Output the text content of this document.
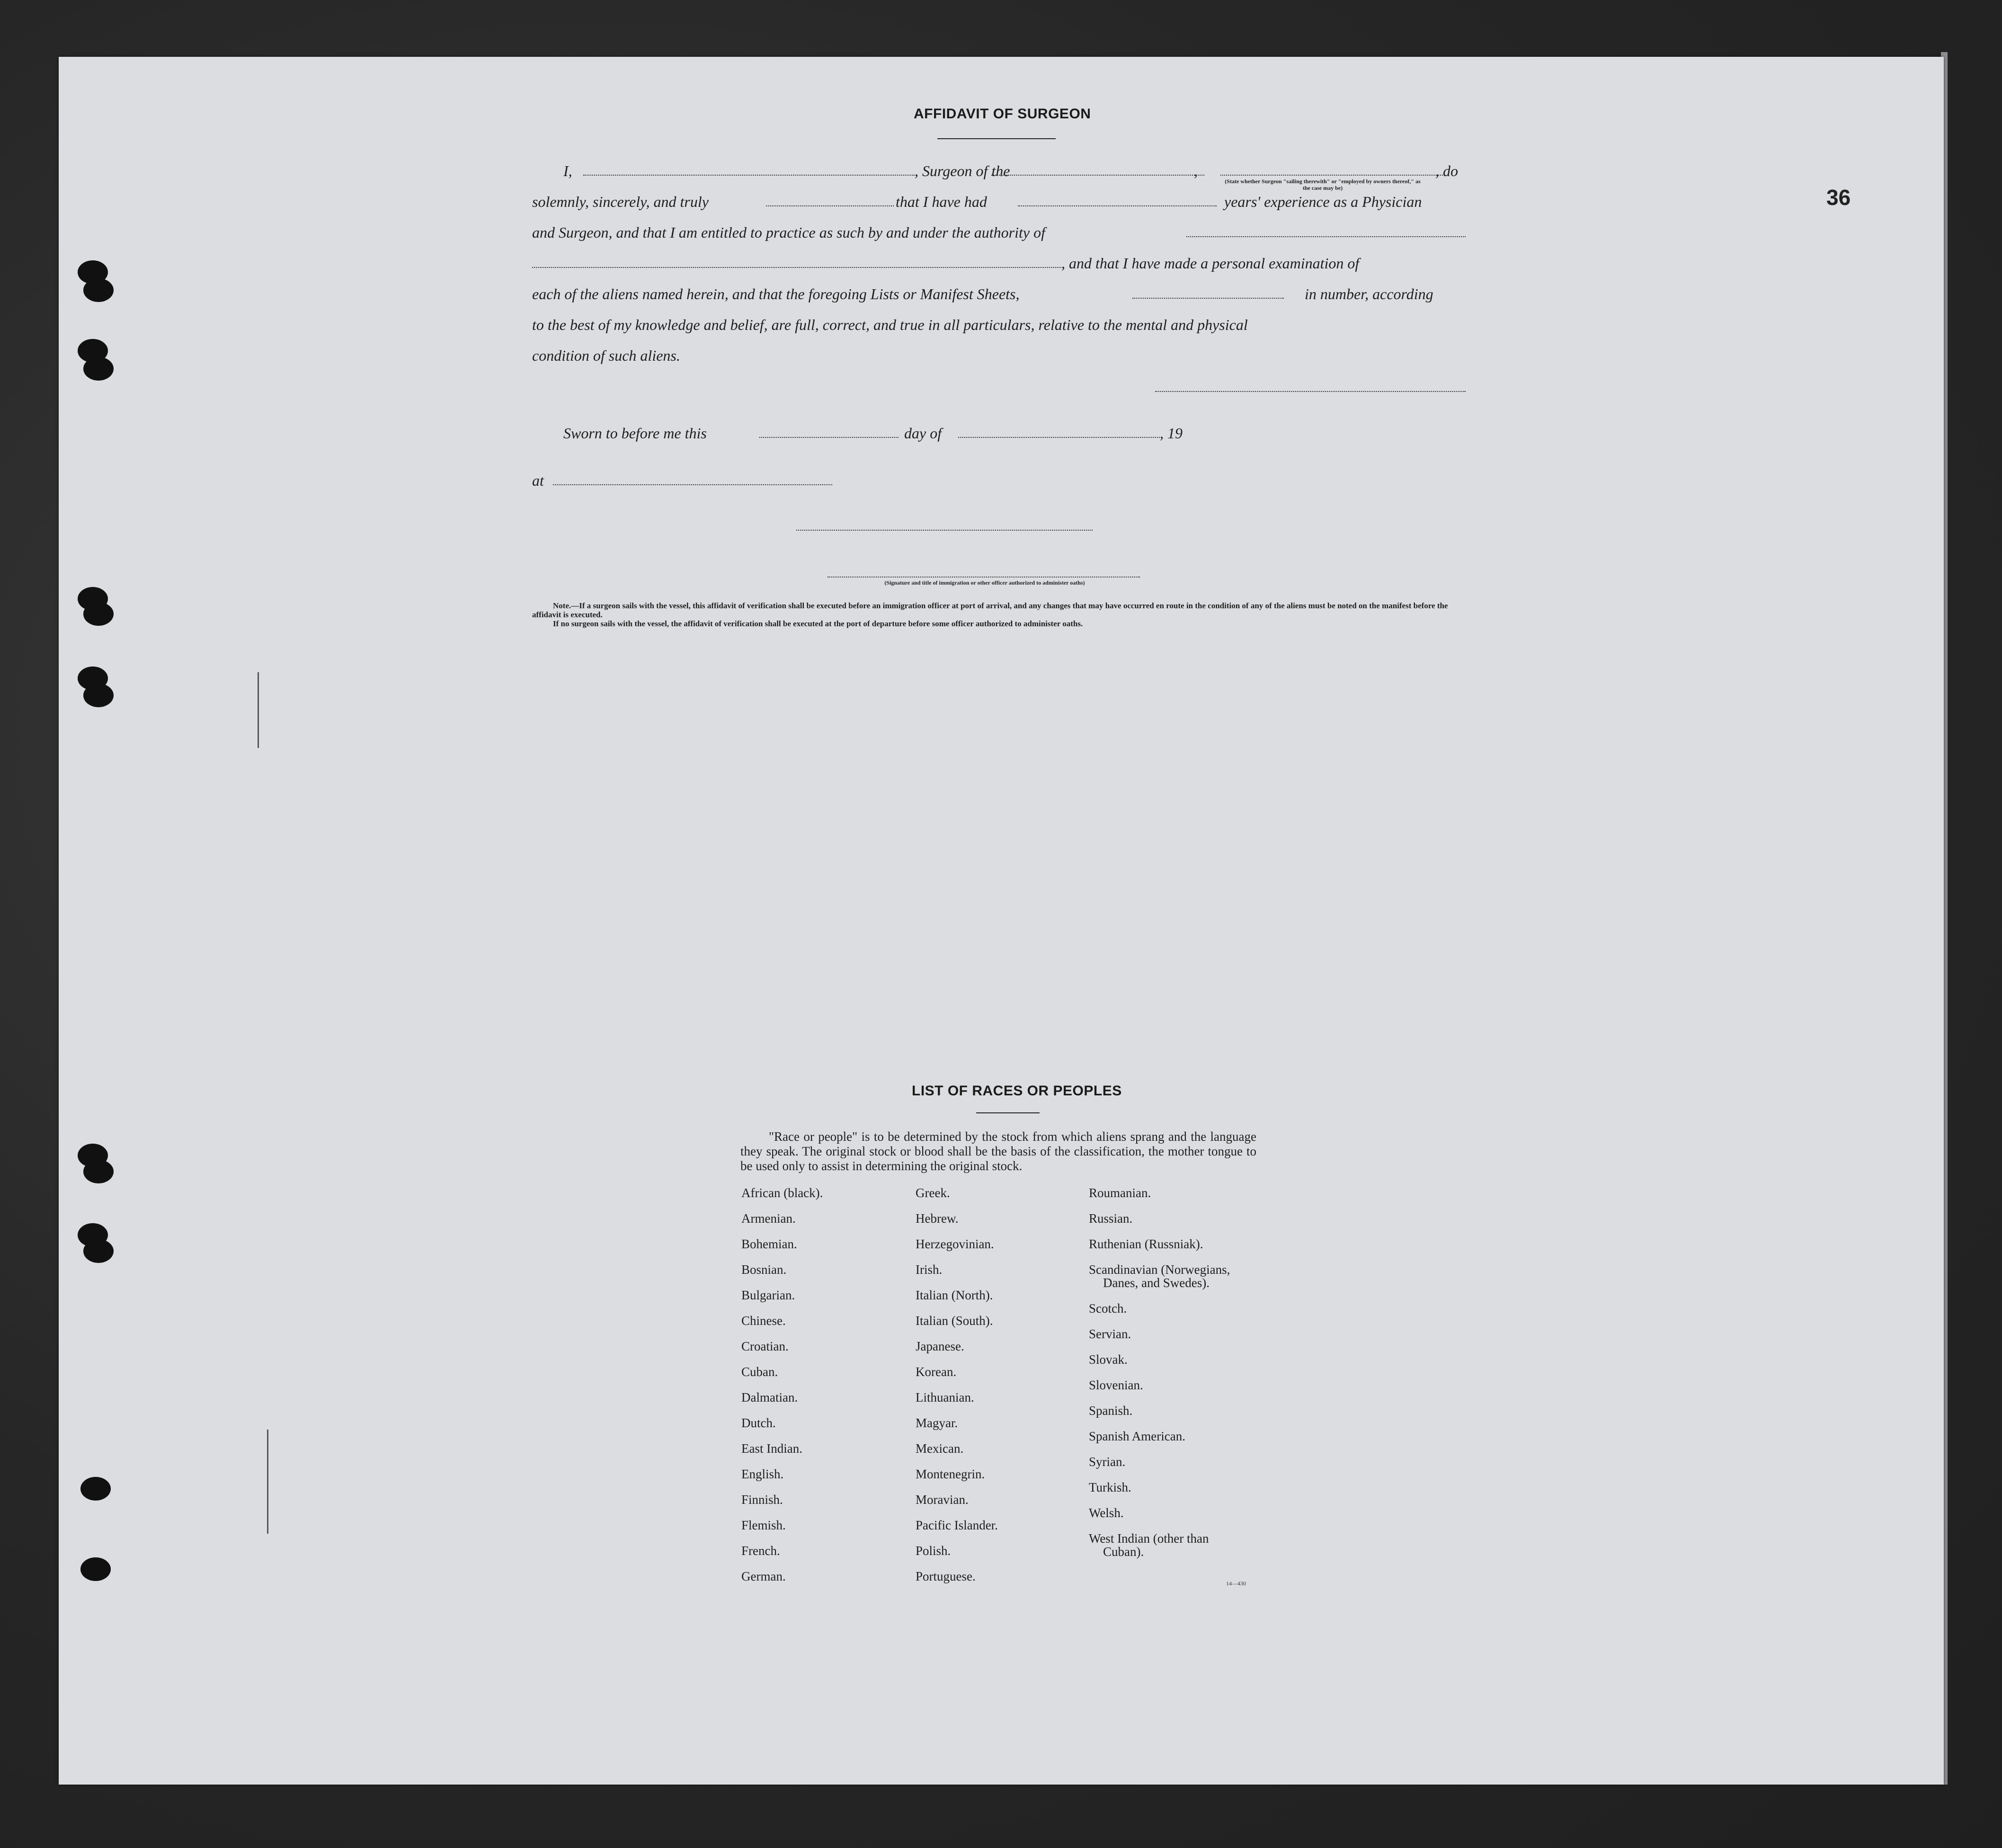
36
AFFIDAVIT OF SURGEON
I,	, Surgeon of the	,	, do
(State whether Surgeon "sailing therewith" or "employed by owners thereof," as the case may be)
solemnly, sincerely, and truly	that I have had	years' experience as a Physician
and Surgeon, and that I am entitled to practice as such by and under the authority of
, and that I have made a personal examination of
each of the aliens named herein, and that the foregoing Lists or Manifest Sheets,	in number, according
to the best of my knowledge and belief, are full, correct, and true in all particulars, relative to the mental and physical
condition of such aliens.
Sworn to before me this	day of	, 19
at
(Signature and title of immigration or other officer authorized to administer oaths)

Note.—If a surgeon sails with the vessel, this affidavit of verification shall be executed before an immigration officer at port of arrival, and any changes that may have occurred en route in the condition of any of the aliens must be noted on the manifest before the affidavit is executed.

If no surgeon sails with the vessel, the affidavit of verification shall be executed at the port of departure before some officer authorized to administer oaths.

LIST OF RACES OR PEOPLES

"Race or people" is to be determined by the stock from which aliens sprang and the language they speak. The original stock or blood shall be the basis of the classification, the mother tongue to be used only to assist in determining the original stock.

African (black).
Armenian.
Bohemian.
Bosnian.
Bulgarian.
Chinese.
Croatian.
Cuban.
Dalmatian.
Dutch.
East Indian.
English.
Finnish.
Flemish.
French.
German.
Greek.
Hebrew.
Herzegovinian.
Irish.
Italian (North).
Italian (South).
Japanese.
Korean.
Lithuanian.
Magyar.
Mexican.
Montenegrin.
Moravian.
Pacific Islander.
Polish.
Portuguese.
Roumanian.
Russian.
Ruthenian (Russniak).
Scandinavian (Norwegians,
Danes, and Swedes).
Scotch.
Servian.
Slovak.
Slovenian.
Spanish.
Spanish American.
Syrian.
Turkish.
Welsh.
West Indian (other than
Cuban).
14—430
